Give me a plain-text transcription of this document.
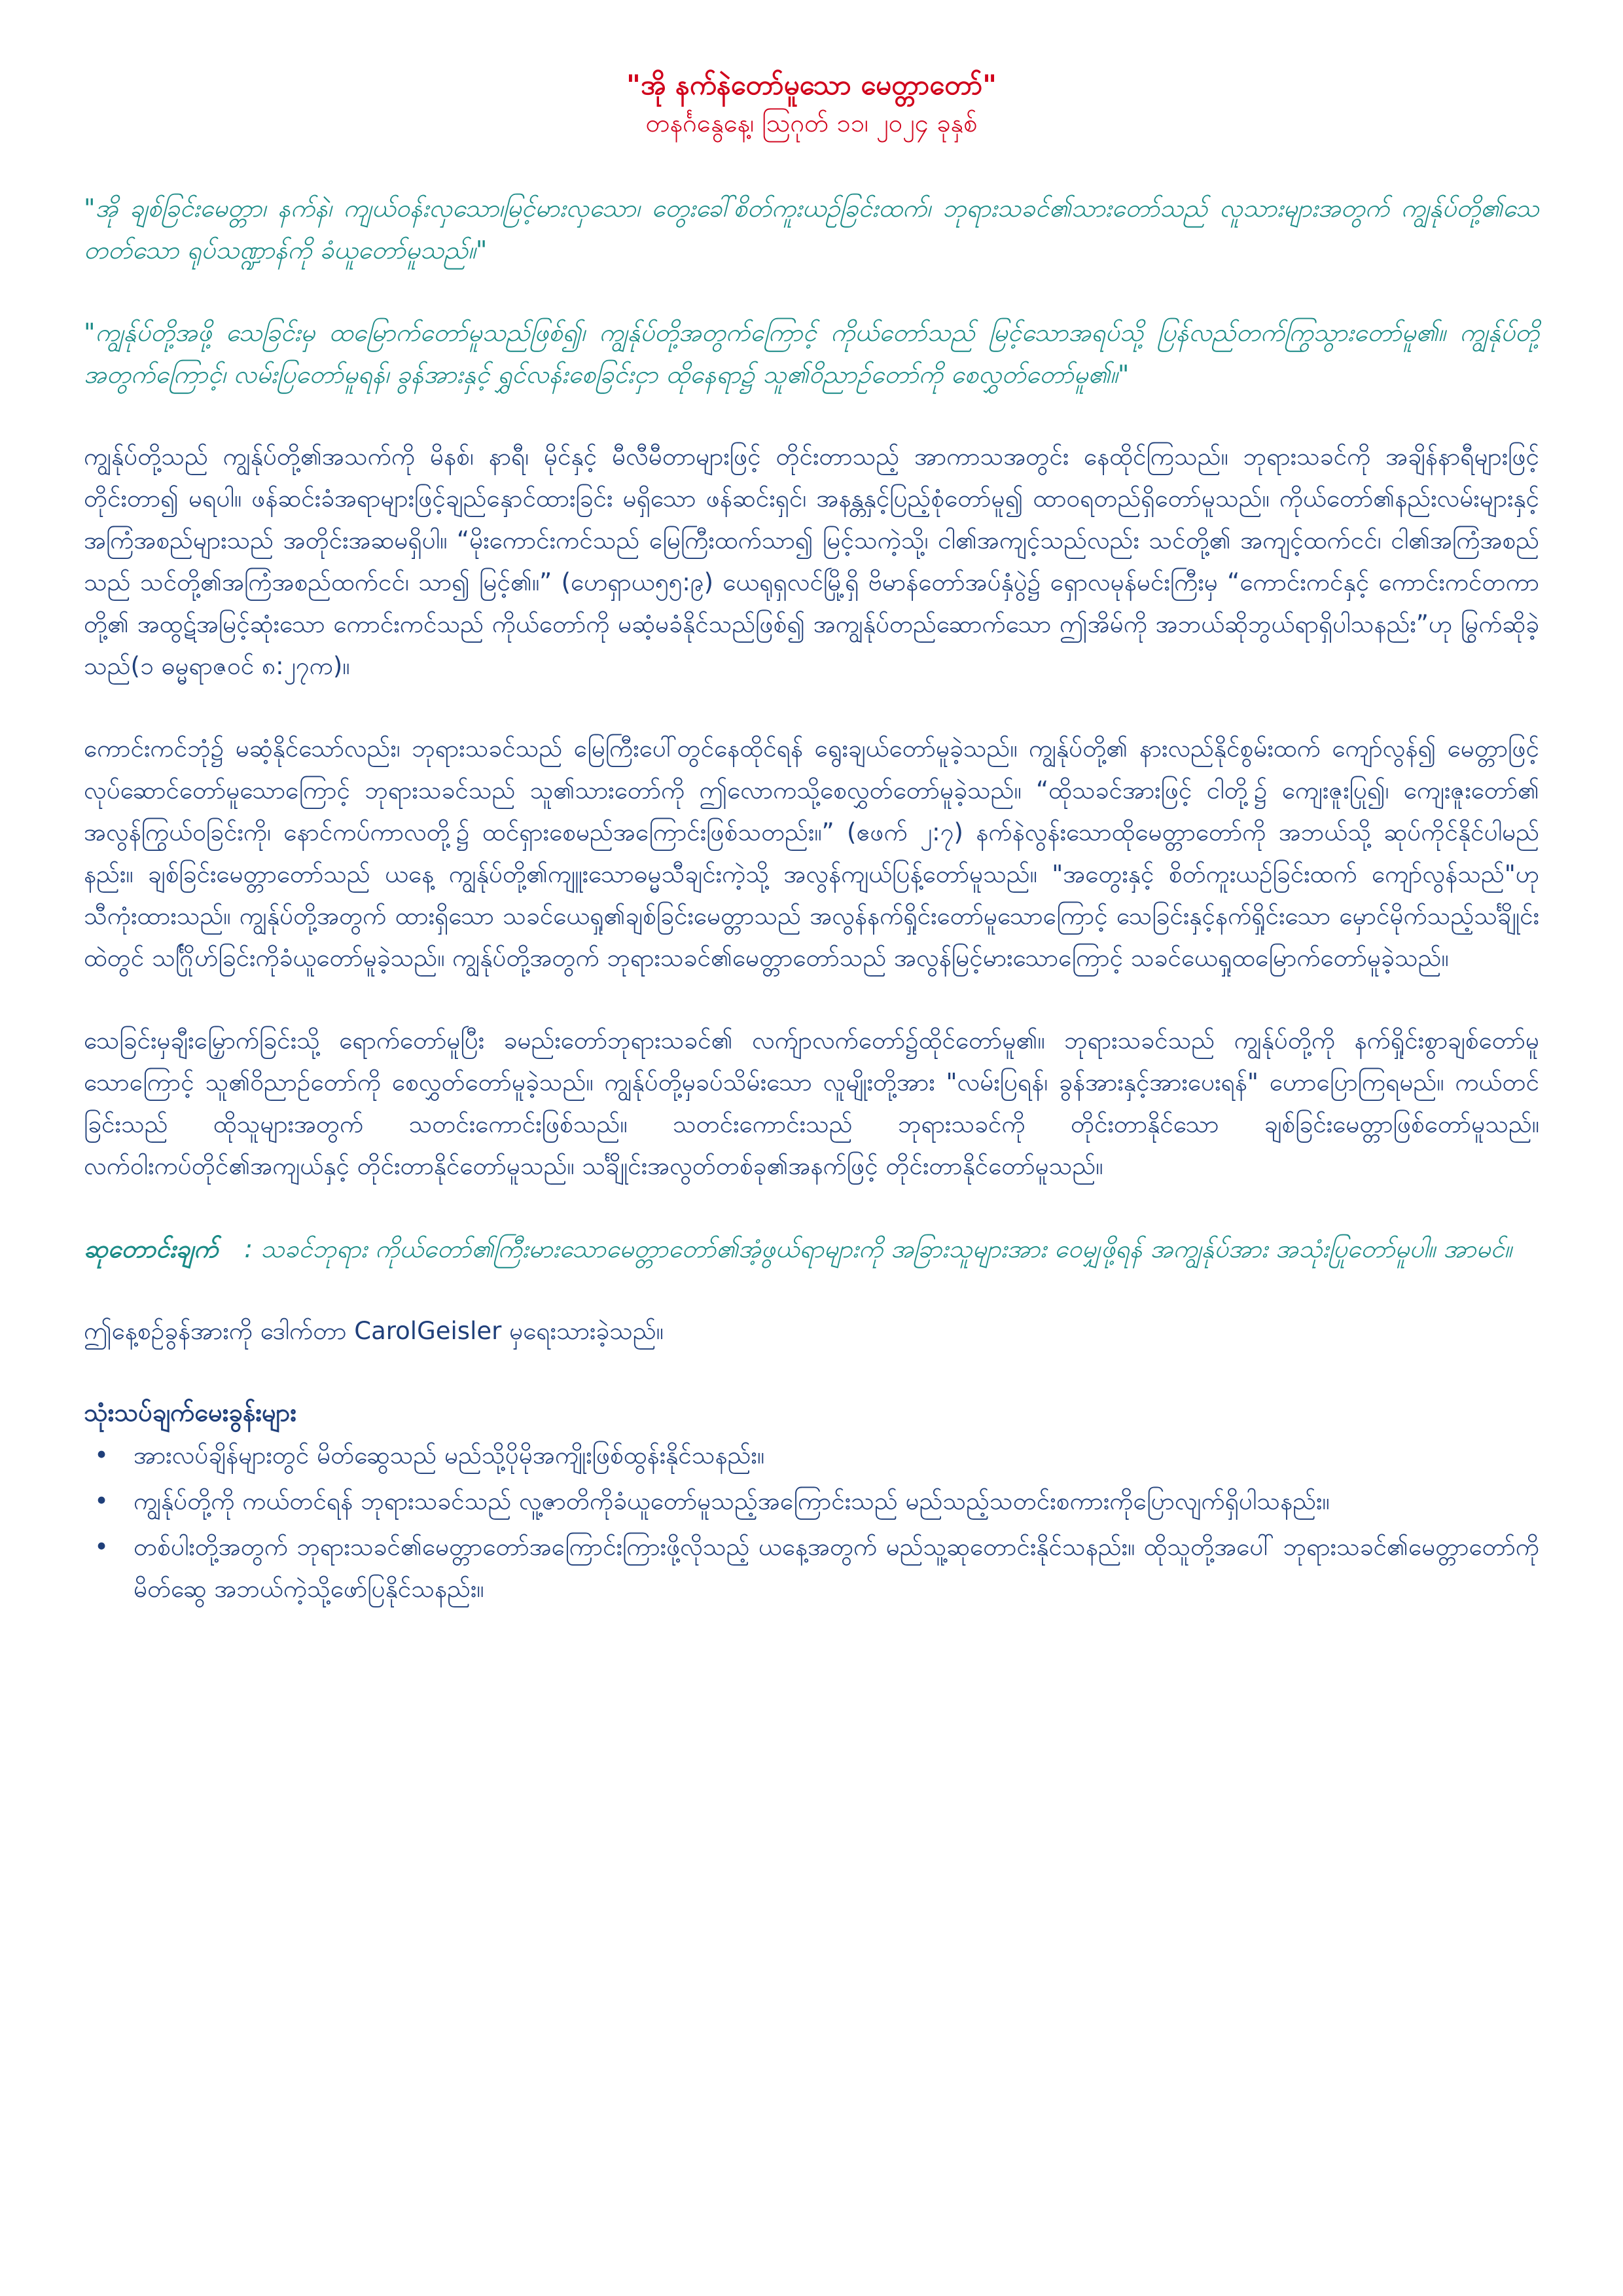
"အို နက်နဲတော်မူသော မေတ္တာတော်"
တနင်္ဂနွေနေ့၊ ဩဂုတ် ၁၁၊ ၂၀၂၄ ခုနှစ်

"အို ချစ်ခြင်းမေတ္တာ၊ နက်နဲ၊ ကျယ်ဝန်းလှသော၊မြင့်မားလှသော၊ တွေးခေါ်စိတ်ကူးယဉ်ခြင်းထက်၊ ဘုရားသခင်၏သားတော်သည် လူသားများအတွက် ကျွန်ုပ်တို့၏သေတတ်သော ရုပ်သဏ္ဍာန်ကို ခံယူတော်မူသည်။"

"ကျွန်ုပ်တို့အဖို့ သေခြင်းမှ ထမြောက်တော်မူသည်ဖြစ်၍၊ ကျွန်ုပ်တို့အတွက်ကြောင့် ကိုယ်တော်သည် မြင့်သောအရပ်သို့ ပြန်လည်တက်ကြွသွားတော်မူ၏။ ကျွန်ုပ်တို့အတွက်ကြောင့်၊ လမ်းပြတော်မူရန်၊ ခွန်အားနှင့် ရွှင်လန်းစေခြင်းငှာ ထိုနေရာ၌ သူ၏ဝိညာဉ်တော်ကို စေလွှတ်တော်မူ၏။"

ကျွန်ုပ်တို့သည် ကျွန်ုပ်တို့၏အသက်ကို မိနစ်၊ နာရီ၊ မိုင်နှင့် မီလီမီတာများဖြင့် တိုင်းတာသည့် အာကာသအတွင်း နေထိုင်ကြသည်။ ဘုရားသခင်ကို အချိန်နာရီများဖြင့် တိုင်းတာ၍ မရပါ။ ဖန်ဆင်းခံအရာများဖြင့်ချည်နှောင်ထားခြင်း မရှိသော ဖန်ဆင်းရှင်၊ အနန္တနှင့်ပြည့်စုံတော်မူ၍ ထာဝရတည်ရှိတော်မူသည်။ ကိုယ်တော်၏နည်းလမ်းများနှင့် အကြံအစည်များသည် အတိုင်းအဆမရှိပါ။ “မိုးကောင်းကင်သည် မြေကြီးထက်သာ၍ မြင့်သကဲ့သို့၊ ငါ၏အကျင့်သည်လည်း သင်တို့၏ အကျင့်ထက်ငင်၊ ငါ၏အကြံအစည်သည် သင်တို့၏အကြံအစည်ထက်ငင်၊ သာ၍ မြင့်၏။” (ဟေရှာယ၅၅:၉) ယေရုရှလင်မြို့ရှိ ဗိမာန်တော်အပ်နှံပွဲ၌ ရှောလမုန်မင်းကြီးမှ “ကောင်းကင်နှင့် ကောင်းကင်တကာတို့၏ အထွဋ်အမြင့်ဆုံးသော ကောင်းကင်သည် ကိုယ်တော်ကို မဆံ့မခံနိုင်သည်ဖြစ်၍ အကျွန်ုပ်တည်ဆောက်သော ဤအိမ်ကို အဘယ်ဆိုဘွယ်ရာရှိပါသနည်း”ဟု မြွက်ဆိုခဲ့သည်(၁ ဓမ္မရာဇဝင် ၈:၂၇က)။

ကောင်းကင်ဘုံ၌ မဆံ့နိုင်သော်လည်း၊ ဘုရားသခင်သည် မြေကြီးပေါ်တွင်နေထိုင်ရန် ရွေးချယ်တော်မူခဲ့သည်။ ကျွန်ုပ်တို့၏ နားလည်နိုင်စွမ်းထက် ကျော်လွန်၍ မေတ္တာဖြင့်လုပ်ဆောင်တော်မူသောကြောင့် ဘုရားသခင်သည် သူ၏သားတော်ကို ဤလောကသို့စေလွှတ်တော်မူခဲ့သည်။ “ထိုသခင်အားဖြင့် ငါတို့၌ ကျေးဇူးပြု၍၊ ကျေးဇူးတော်၏ အလွန်ကြွယ်ဝခြင်းကို၊ နောင်ကပ်ကာလတို့၌ ထင်ရှားစေမည်အကြောင်းဖြစ်သတည်း။” (ဧဖက် ၂:၇) နက်နဲလွန်းသောထိုမေတ္တာတော်ကို အဘယ်သို့ ဆုပ်ကိုင်နိုင်ပါမည်နည်း။ ချစ်ခြင်းမေတ္တာတော်သည် ယနေ့ ကျွန်ုပ်တို့၏ကျူးသောဓမ္မသီချင်းကဲ့သို့ အလွန်ကျယ်ပြန့်တော်မူသည်။ "အတွေးနှင့် စိတ်ကူးယဉ်ခြင်းထက် ကျော်လွန်သည်"ဟု သီကုံးထားသည်။ ကျွန်ုပ်တို့အတွက် ထားရှိသော သခင်ယေရှု၏ချစ်ခြင်းမေတ္တာသည် အလွန်နက်ရှိုင်းတော်မူသောကြောင့် သေခြင်းနှင့်နက်ရှိုင်းသော မှောင်မိုက်သည့်သင်္ချိုင်းထဲတွင် သင်္ဂြိုဟ်ခြင်းကိုခံယူတော်မူခဲ့သည်။ ကျွန်ုပ်တို့အတွက် ဘုရားသခင်၏မေတ္တာတော်သည် အလွန်မြင့်မားသောကြောင့် သခင်ယေရှုထမြောက်တော်မူခဲ့သည်။

သေခြင်းမှချီးမြှောက်ခြင်းသို့ ရောက်တော်မူပြီး ခမည်းတော်ဘုရားသခင်၏ လက်ျာလက်တော်၌ထိုင်တော်မူ၏။ ဘုရားသခင်သည် ကျွန်ုပ်တို့ကို နက်ရှိုင်းစွာချစ်တော်မူသောကြောင့် သူ၏ဝိညာဉ်တော်ကို စေလွှတ်တော်မူခဲ့သည်။ ကျွန်ုပ်တို့မှခပ်သိမ်းသော လူမျိုးတို့အား "လမ်းပြရန်၊ ခွန်အားနှင့်အားပေးရန်" ဟောပြောကြရမည်။ ကယ်တင်ခြင်းသည် ထိုသူများအတွက် သတင်းကောင်းဖြစ်သည်။ သတင်းကောင်းသည် ဘုရားသခင်ကို တိုင်းတာနိုင်သော ချစ်ခြင်းမေတ္တာဖြစ်တော်မူသည်။ လက်ဝါးကပ်တိုင်၏အကျယ်နှင့် တိုင်းတာနိုင်တော်မူသည်။ သင်္ချိုင်းအလွတ်တစ်ခု၏အနက်ဖြင့် တိုင်းတာနိုင်တော်မူသည်။

ဆုတောင်းချက် : သခင်ဘုရား ကိုယ်တော်၏ကြီးမားသောမေတ္တာတော်၏အံ့ဖွယ်ရာများကို အခြားသူများအား ဝေမျှဖို့ရန် အကျွန်ုပ်အား အသုံးပြုတော်မူပါ။ အာမင်။

ဤနေ့စဉ်ခွန်အားကို ဒေါက်တာ CarolGeisler မှရေးသားခဲ့သည်။

သုံးသပ်ချက်မေးခွန်းများ
• အားလပ်ချိန်များတွင် မိတ်ဆွေသည် မည်သို့ပိုမိုအကျိုးဖြစ်ထွန်းနိုင်သနည်း။
• ကျွန်ုပ်တို့ကို ကယ်တင်ရန် ဘုရားသခင်သည် လူ့ဇာတိကိုခံယူတော်မူသည့်အကြောင်းသည် မည်သည့်သတင်းစကားကိုပြောလျက်ရှိပါသနည်း။
• တစ်ပါးတို့အတွက် ဘုရားသခင်၏မေတ္တာတော်အကြောင်းကြားဖို့လိုသည့် ယနေ့အတွက် မည်သူ့ဆုတောင်းနိုင်သနည်း။ ထိုသူတို့အပေါ် ဘုရားသခင်၏မေတ္တာတော်ကို မိတ်ဆွေ အဘယ်ကဲ့သို့ဖော်ပြနိုင်သနည်း။
